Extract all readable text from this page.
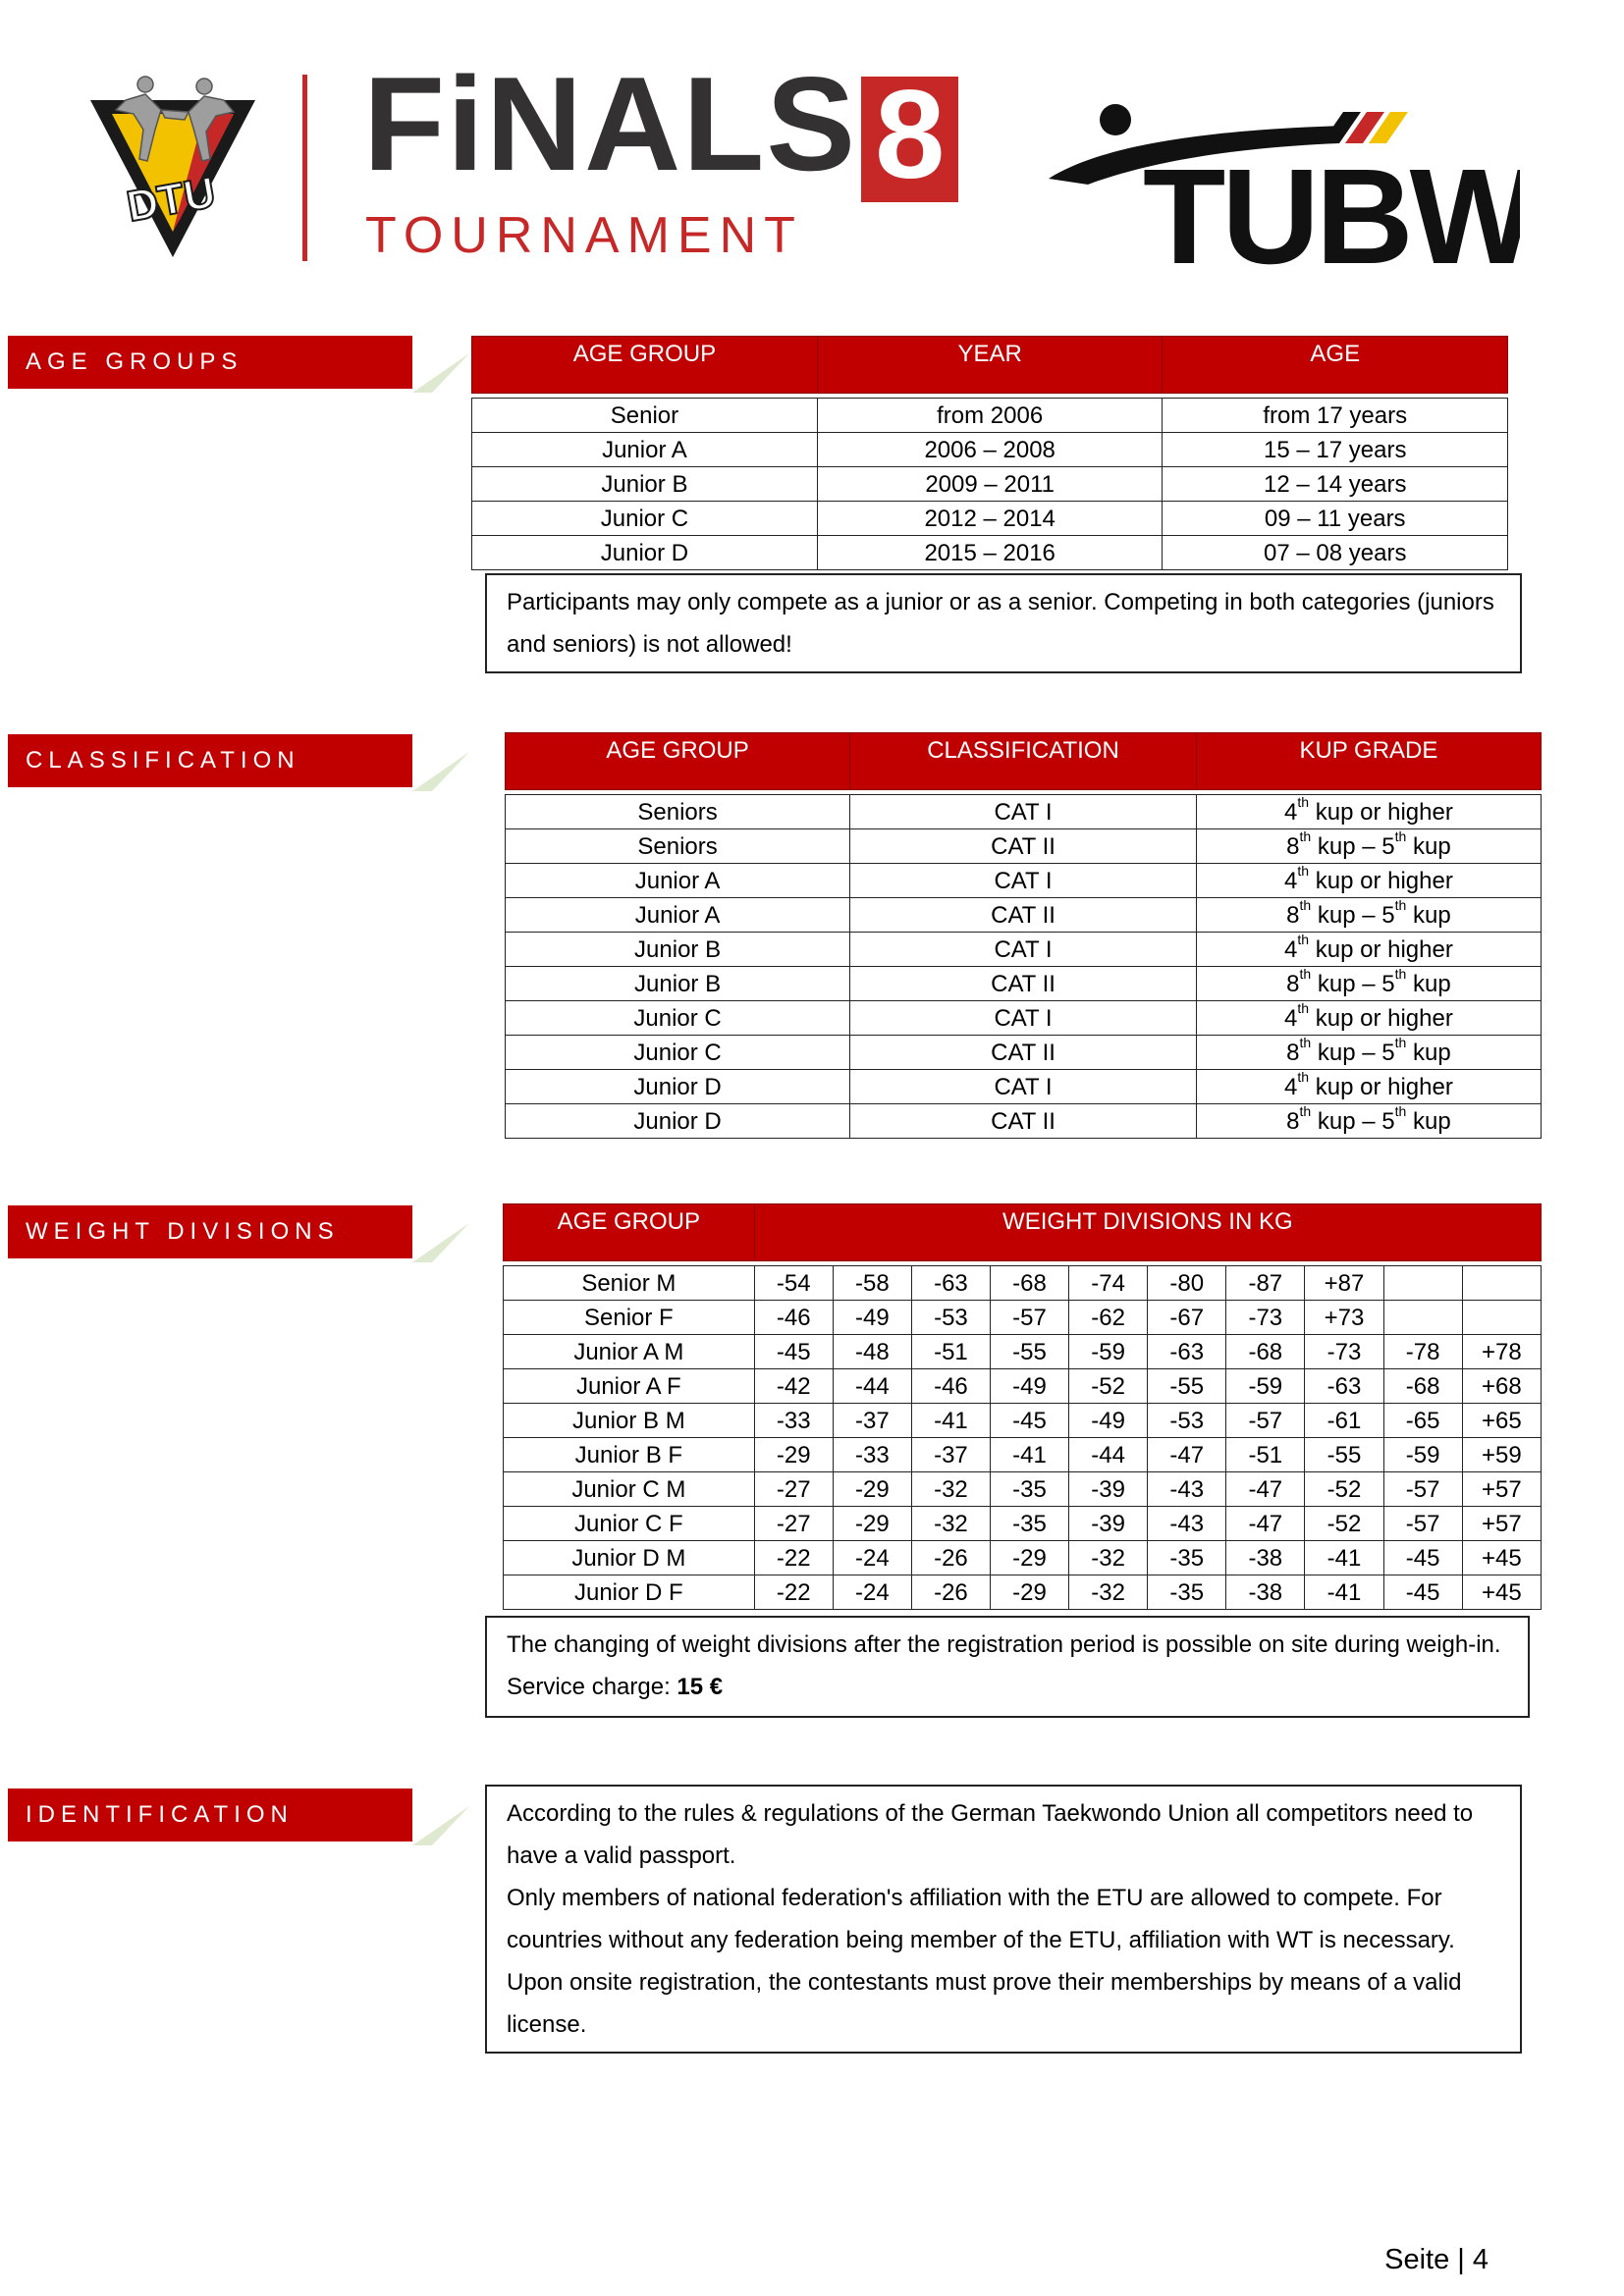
DTU
FiNALS 8
TOURNAMENT	TUBW
AGE GROUPS	AGE GROUP	YEAR	AGE

Senior	from 2006	from 17 years
Junior A	2006 – 2008	15 – 17 years
Junior B	2009 – 2011	12 – 14 years
Junior C	2012 – 2014	09 – 11 years
Junior D	2015 – 2016	07 – 08 years

Participants may only compete as a junior or as a senior. Competing in both categories (juniors and seniors) is not allowed!

CLASSIFICATION	AGE GROUP	CLASSIFICATION	KUP GRADE

Seniors	CAT I	4th kup or higher
Seniors	CAT II	8th kup – 5th kup
Junior A	CAT I	4th kup or higher
Junior A	CAT II	8th kup – 5th kup
Junior B	CAT I	4th kup or higher
Junior B	CAT II	8th kup – 5th kup
Junior C	CAT I	4th kup or higher
Junior C	CAT II	8th kup – 5th kup
Junior D	CAT I	4th kup or higher
Junior D	CAT II	8th kup – 5th kup
WEIGHT DIVISIONS	AGE GROUP	WEIGHT DIVISIONS IN KG									

Senior M	-54	-58	-63	-68	-74	-80	-87	+87		
Senior F	-46	-49	-53	-57	-62	-67	-73	+73		
Junior A M	-45	-48	-51	-55	-59	-63	-68	-73	-78	+78
Junior A F	-42	-44	-46	-49	-52	-55	-59	-63	-68	+68
Junior B M	-33	-37	-41	-45	-49	-53	-57	-61	-65	+65
Junior B F	-29	-33	-37	-41	-44	-47	-51	-55	-59	+59
Junior C M	-27	-29	-32	-35	-39	-43	-47	-52	-57	+57
Junior C F	-27	-29	-32	-35	-39	-43	-47	-52	-57	+57
Junior D M	-22	-24	-26	-29	-32	-35	-38	-41	-45	+45
Junior D F	-22	-24	-26	-29	-32	-35	-38	-41	-45	+45

The changing of weight divisions after the registration period is possible on site during weigh-in. Service charge: 15 €

IDENTIFICATION	According to the rules & regulations of the German Taekwondo Union all competitors need to have a valid passport.

Only members of national federation's affiliation with the ETU are allowed to compete. For countries without any federation being member of the ETU, affiliation with WT is necessary. Upon onsite registration, the contestants must prove their memberships by means of a valid license.

Seite | 4
